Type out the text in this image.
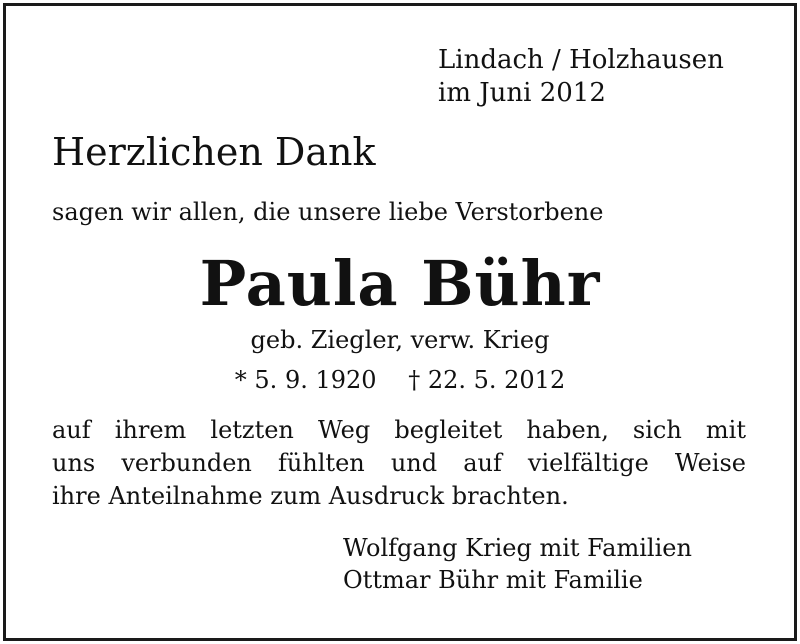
Lindach / Holzhausen
im Juni 2012
Herzlichen Dank
sagen wir allen, die unsere liebe Verstorbene
Paula Bühr
geb. Ziegler, verw. Krieg
* 5. 9. 1920 † 22. 5. 2012
auf ihrem letzten Weg begleitet haben, sich mit
uns verbunden fühlten und auf vielfältige Weise
ihre Anteilnahme zum Ausdruck brachten.
Wolfgang Krieg mit Familien
Ottmar Bühr mit Familie
